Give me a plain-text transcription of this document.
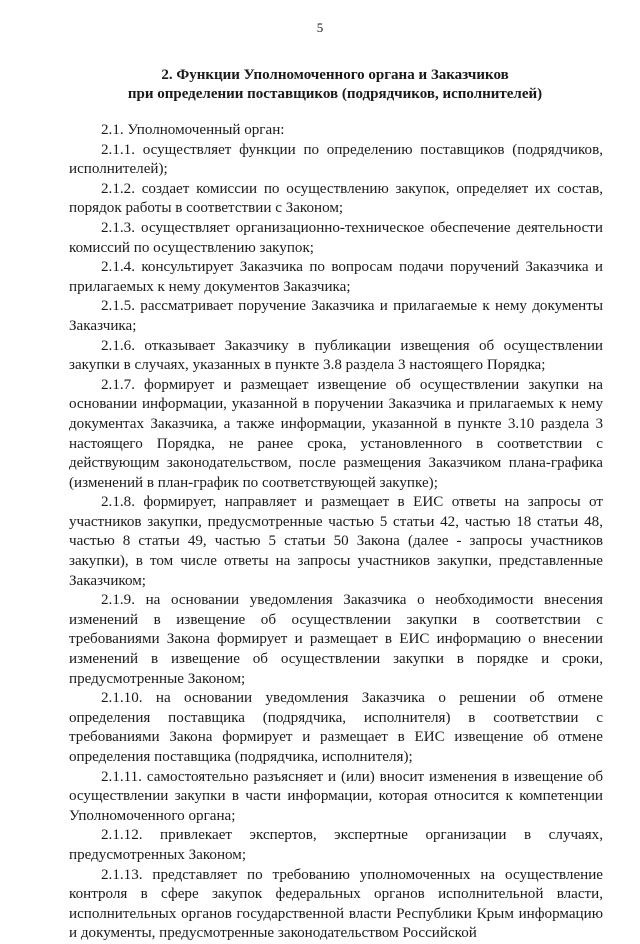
5
2. Функции Уполномоченного органа и Заказчиков
при определении поставщиков (подрядчиков, исполнителей)

2.1. Уполномоченный орган:

2.1.1. осуществляет функции по определению поставщиков (подрядчиков, исполнителей);

2.1.2. создает комиссии по осуществлению закупок, определяет их состав, порядок работы в соответствии с Законом;

2.1.3. осуществляет организационно-техническое обеспечение деятельности комиссий по осуществлению закупок;

2.1.4. консультирует Заказчика по вопросам подачи поручений Заказчика и прилагаемых к нему документов Заказчика;

2.1.5. рассматривает поручение Заказчика и прилагаемые к нему документы Заказчика;

2.1.6. отказывает Заказчику в публикации извещения об осуществлении закупки в случаях, указанных в пункте 3.8 раздела 3 настоящего Порядка;

2.1.7. формирует и размещает извещение об осуществлении закупки на основании информации, указанной в поручении Заказчика и прилагаемых к нему документах Заказчика, а также информации, указанной в пункте 3.10 раздела 3 настоящего Порядка, не ранее срока, установленного в соответствии с действующим законодательством, после размещения Заказчиком плана-графика (изменений в план-график по соответствующей закупке);

2.1.8. формирует, направляет и размещает в ЕИС ответы на запросы от участников закупки, предусмотренные частью 5 статьи 42, частью 18 статьи 48, частью 8 статьи 49, частью 5 статьи 50 Закона (далее - запросы участников закупки), в том числе ответы на запросы участников закупки, представленные Заказчиком;

2.1.9. на основании уведомления Заказчика о необходимости внесения изменений в извещение об осуществлении закупки в соответствии с требованиями Закона формирует и размещает в ЕИС информацию о внесении изменений в извещение об осуществлении закупки в порядке и сроки, предусмотренные Законом;

2.1.10. на основании уведомления Заказчика о решении об отмене определения поставщика (подрядчика, исполнителя) в соответствии с требованиями Закона формирует и размещает в ЕИС извещение об отмене определения поставщика (подрядчика, исполнителя);

2.1.11. самостоятельно разъясняет и (или) вносит изменения в извещение об осуществлении закупки в части информации, которая относится к компетенции Уполномоченного органа;

2.1.12. привлекает экспертов, экспертные организации в случаях, предусмотренных Законом;

2.1.13. представляет по требованию уполномоченных на осуществление контроля в сфере закупок федеральных органов исполнительной власти, исполнительных органов государственной власти Республики Крым информацию и документы, предусмотренные законодательством Российской
